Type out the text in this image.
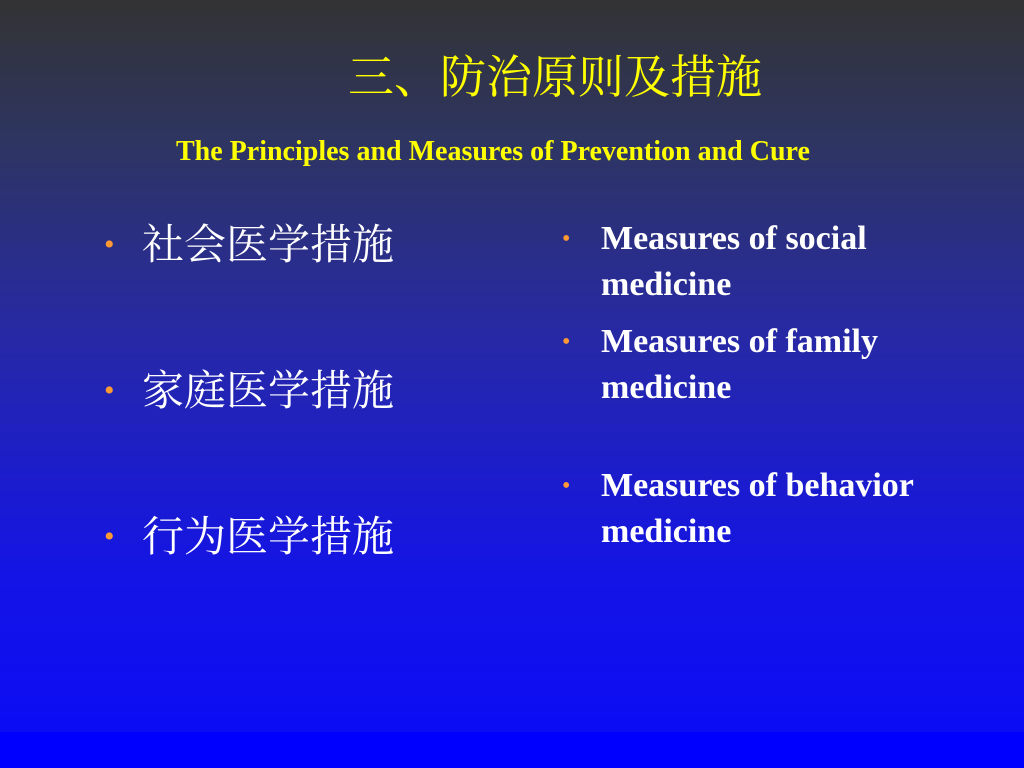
三、防治原则及措施
The Principles and Measures of Prevention and Cure
• 社会医学措施
• 家庭医学措施
• 行为医学措施
• Measures of social medicine
• Measures of family medicine
• Measures of behavior medicine
